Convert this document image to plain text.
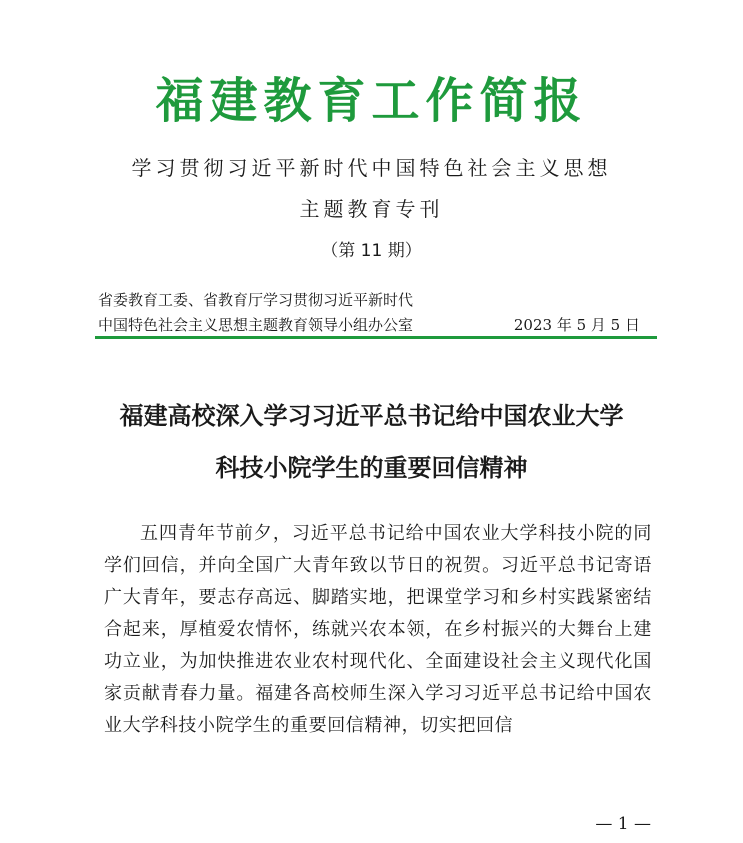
福建教育工作简报
学习贯彻习近平新时代中国特色社会主义思想
主题教育专刊
（第 11 期）
省委教育工委、省教育厅学习贯彻习近平新时代
中国特色社会主义思想主题教育领导小组办公室	2023 年 5 月 5 日
福建高校深入学习习近平总书记给中国农业大学
科技小院学生的重要回信精神
五四青年节前夕，习近平总书记给中国农业大学科技小院的同学们回信，并向全国广大青年致以节日的祝贺。习近平总书记寄语广大青年，要志存高远、脚踏实地，把课堂学习和乡村实践紧密结合起来，厚植爱农情怀，练就兴农本领，在乡村振兴的大舞台上建功立业，为加快推进农业农村现代化、全面建设社会主义现代化国家贡献青春力量。福建各高校师生深入学习习近平总书记给中国农业大学科技小院学生的重要回信精神，切实把回信
— 1 —
